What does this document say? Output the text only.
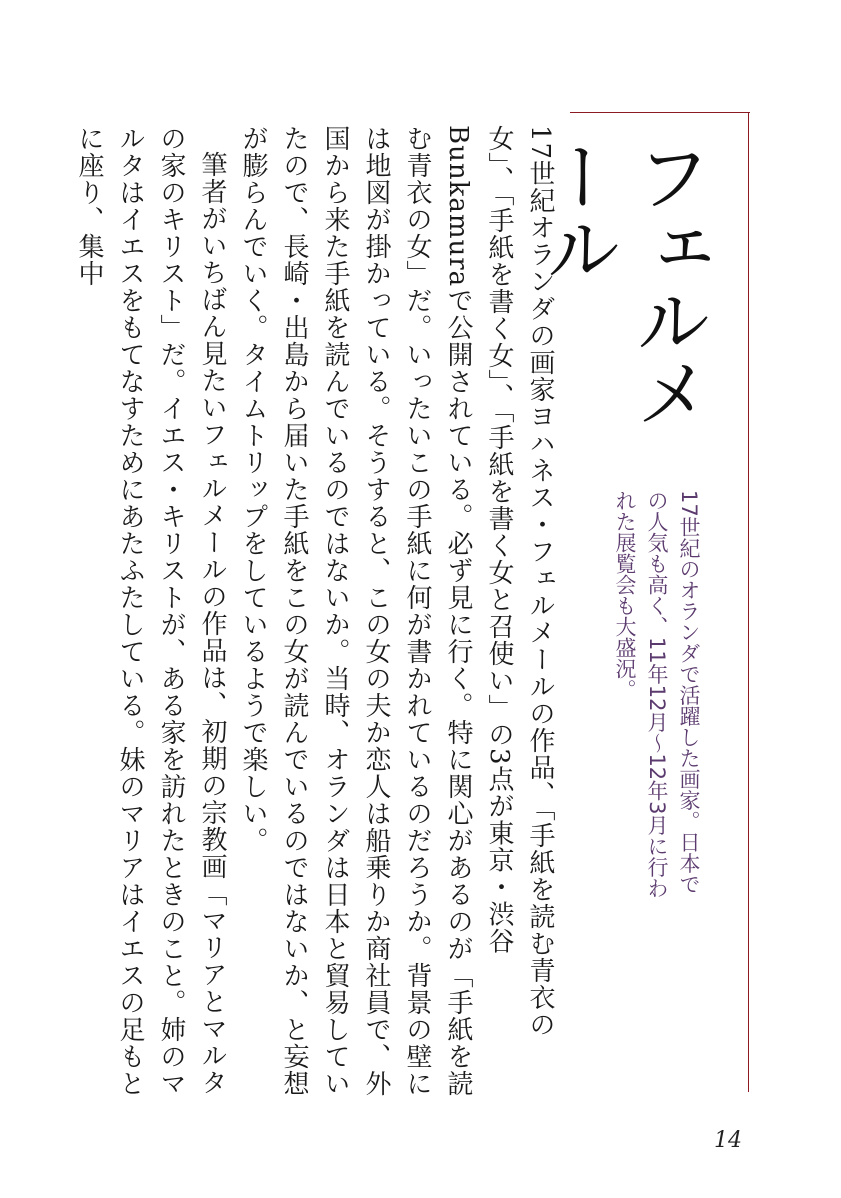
フェルメール
17世紀のオランダで活躍した画家。日本での人気も高く、11年12月～12年3月に行われた展覧会も大盛況。

17世紀オランダの画家ヨハネス・フェルメールの作品、「手紙を読む青衣の女」、「手紙を書く女」、「手紙を書く女と召使い」の3点が東京・渋谷Bunkamuraで公開されている。必ず見に行く。特に関心があるのが「手紙を読む青衣の女」だ。いったいこの手紙に何が書かれているのだろうか。背景の壁には地図が掛かっている。そうすると、この女の夫か恋人は船乗りか商社員で、外国から来た手紙を読んでいるのではないか。当時、オランダは日本と貿易していたので、長崎・出島から届いた手紙をこの女が読んでいるのではないか、と妄想が膨らんでいく。タイムトリップをしているようで楽しい。

筆者がいちばん見たいフェルメールの作品は、初期の宗教画「マリアとマルタの家のキリスト」だ。イエス・キリストが、ある家を訪れたときのこと。姉のマルタはイエスをもてなすためにあたふたしている。妹のマリアはイエスの足もとに座り、集中

14
